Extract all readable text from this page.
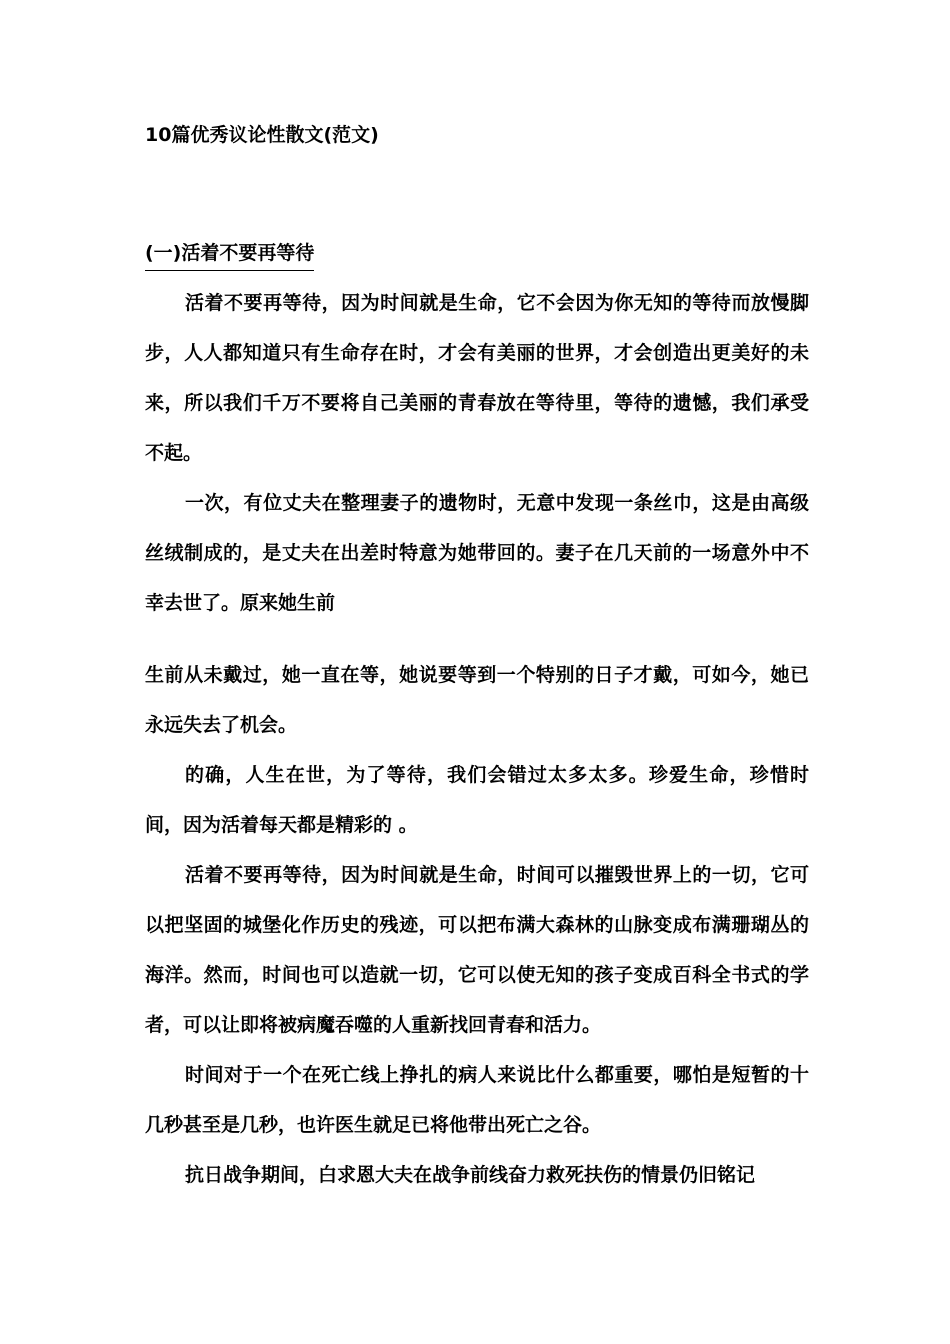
10篇优秀议论性散文(范文)
(一)活着不要再等待

活着不要再等待，因为时间就是生命，它不会因为你无知的等待而放慢脚步，人人都知道只有生命存在时，才会有美丽的世界，才会创造出更美好的未来，所以我们千万不要将自己美丽的青春放在等待里，等待的遗憾，我们承受不起。

一次，有位丈夫在整理妻子的遗物时，无意中发现一条丝巾，这是由高级丝绒制成的，是丈夫在出差时特意为她带回的。妻子在几天前的一场意外中不幸去世了。原来她生前

生前从未戴过，她一直在等，她说要等到一个特别的日子才戴，可如今，她已永远失去了机会。

的确，人生在世，为了等待，我们会错过太多太多。珍爱生命，珍惜时间，因为活着每天都是精彩的 。

活着不要再等待，因为时间就是生命，时间可以摧毁世界上的一切，它可以把坚固的城堡化作历史的残迹，可以把布满大森林的山脉变成布满珊瑚丛的海洋。然而，时间也可以造就一切，它可以使无知的孩子变成百科全书式的学者，可以让即将被病魔吞噬的人重新找回青春和活力。

时间对于一个在死亡线上挣扎的病人来说比什么都重要，哪怕是短暂的十几秒甚至是几秒，也许医生就足已将他带出死亡之谷。

抗日战争期间，白求恩大夫在战争前线奋力救死扶伤的情景仍旧铭记
